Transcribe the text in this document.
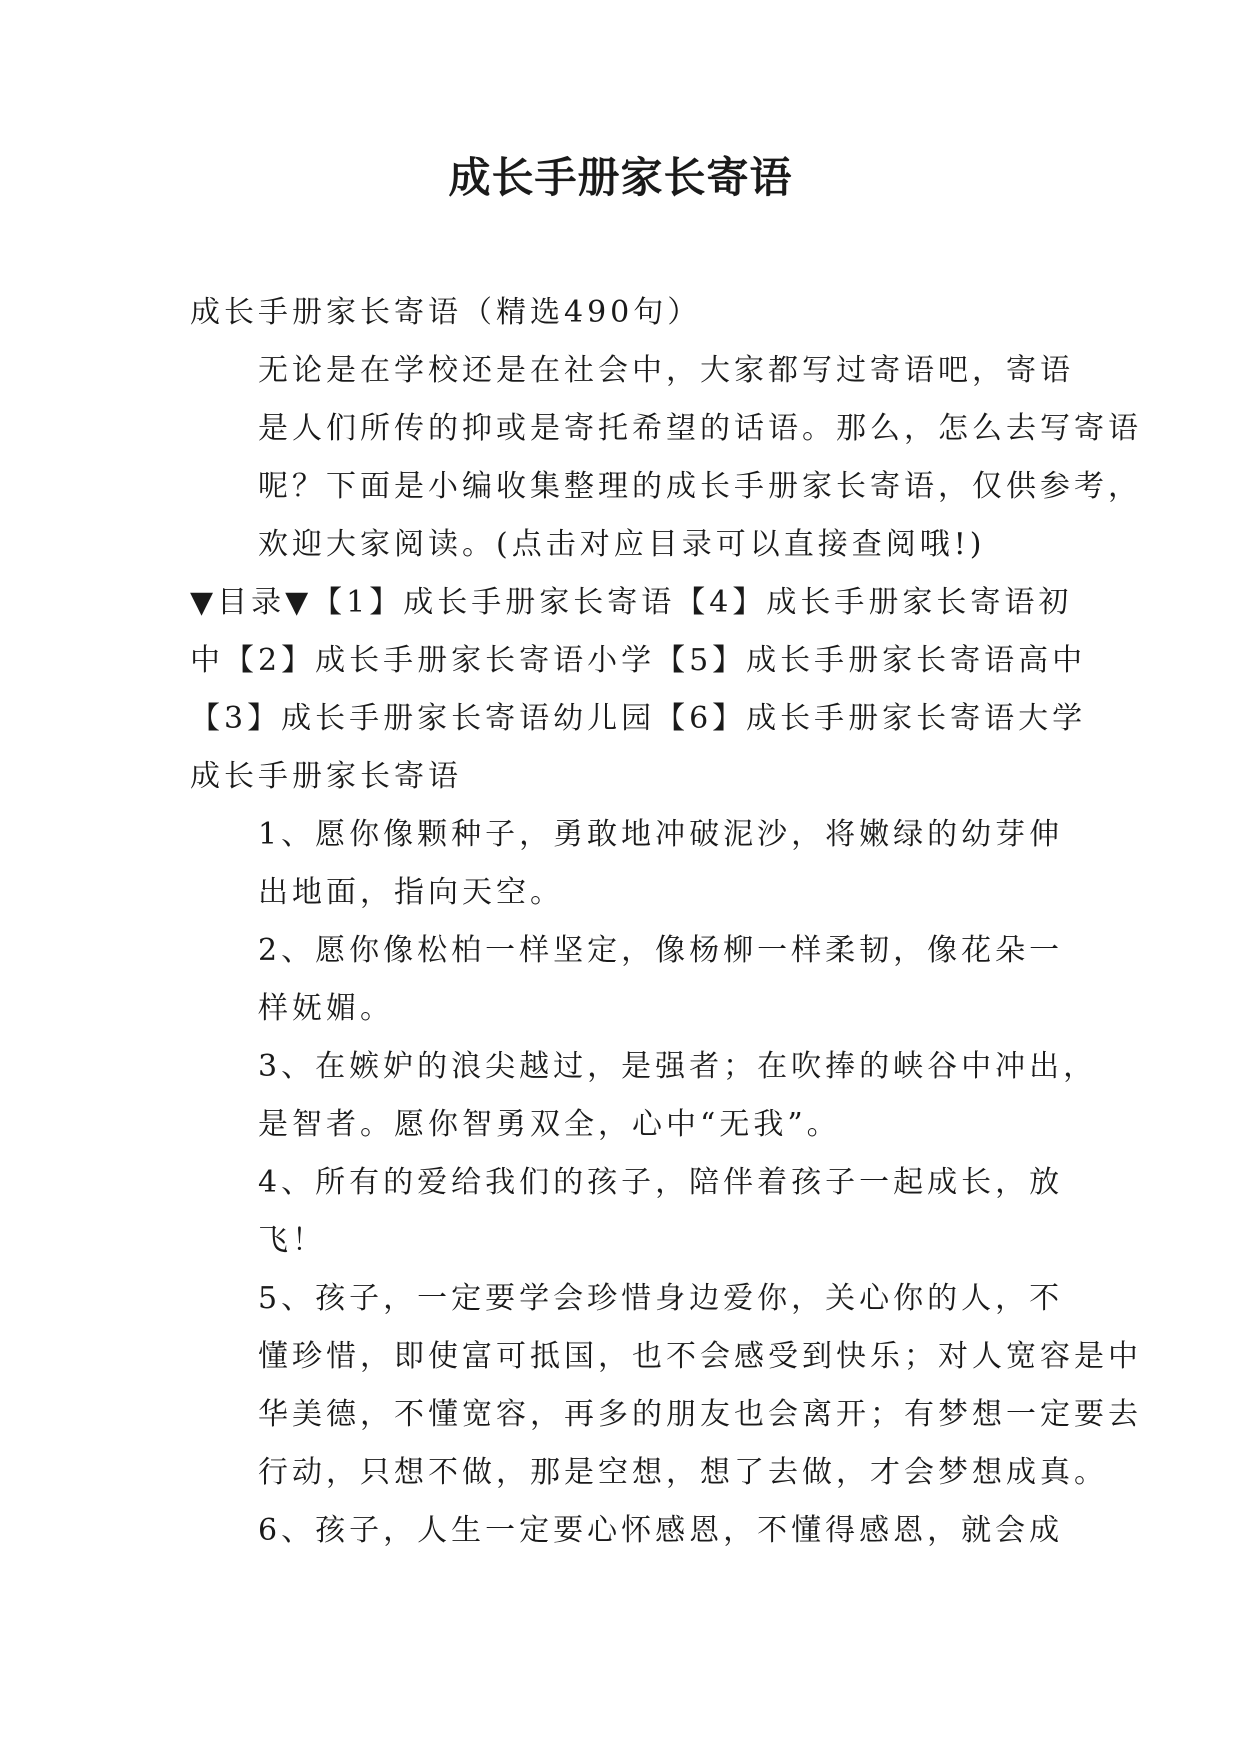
成长手册家长寄语

成长手册家长寄语（精选490句）

无论是在学校还是在社会中，大家都写过寄语吧，寄语
是人们所传的抑或是寄托希望的话语。那么，怎么去写寄语
呢？下面是小编收集整理的成长手册家长寄语，仅供参考，
欢迎大家阅读。(点击对应目录可以直接查阅哦!)

▼目录▼【1】成长手册家长寄语【4】成长手册家长寄语初
中【2】成长手册家长寄语小学【5】成长手册家长寄语高中
【3】成长手册家长寄语幼儿园【6】成长手册家长寄语大学

成长手册家长寄语

1、愿你像颗种子，勇敢地冲破泥沙，将嫩绿的幼芽伸
出地面，指向天空。

2、愿你像松柏一样坚定，像杨柳一样柔韧，像花朵一
样妩媚。

3、在嫉妒的浪尖越过，是强者；在吹捧的峡谷中冲出，
是智者。愿你智勇双全，心中“无我”。

4、所有的爱给我们的孩子，陪伴着孩子一起成长，放
飞！

5、孩子，一定要学会珍惜身边爱你，关心你的人，不
懂珍惜，即使富可抵国，也不会感受到快乐；对人宽容是中
华美德，不懂宽容，再多的朋友也会离开；有梦想一定要去
行动，只想不做，那是空想，想了去做，才会梦想成真。

6、孩子，人生一定要心怀感恩，不懂得感恩，就会成
